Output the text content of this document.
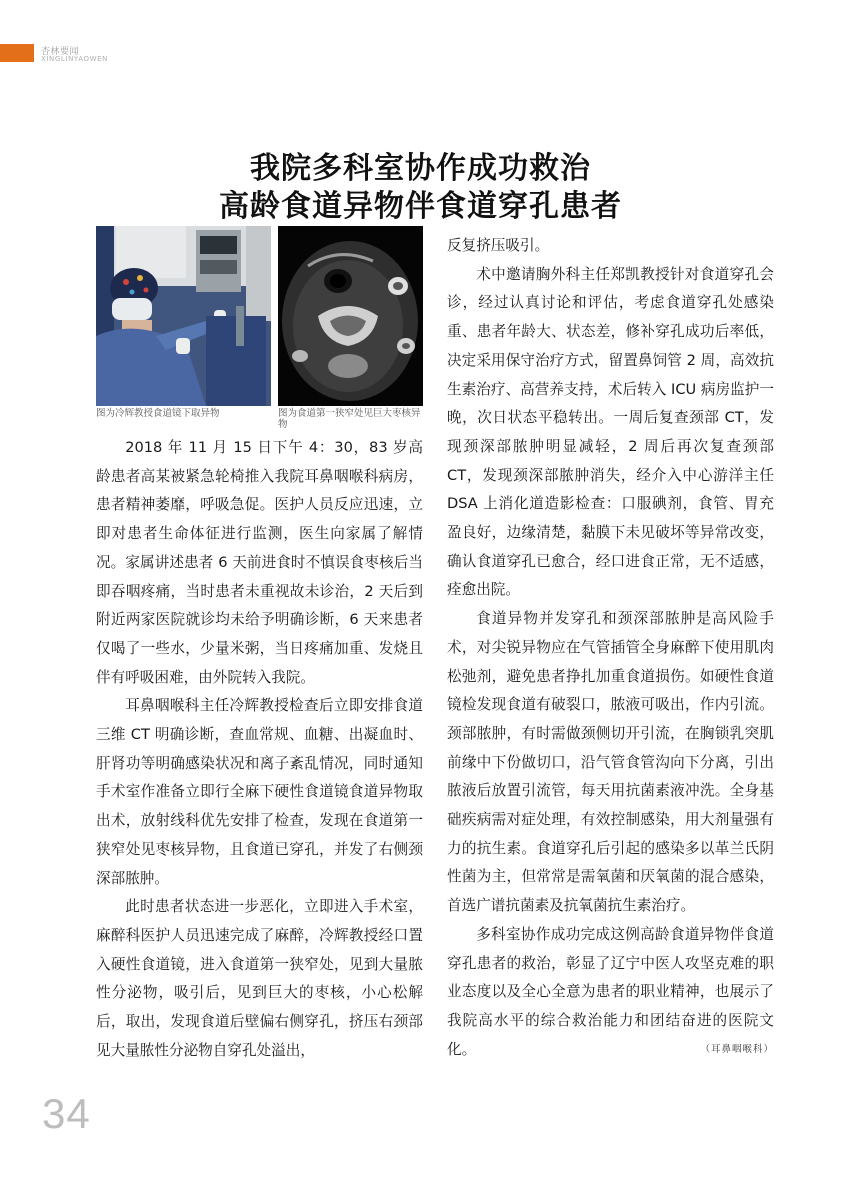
杏林要闻
XINGLINYAOWEN
我院多科室协作成功救治
高龄食道异物伴食道穿孔患者
图为冷辉教授食道镜下取异物	图为食道第一狭窄处见巨大枣核异物

2018 年 11 月 15 日下午 4：30，83 岁高龄患者高某被紧急轮椅推入我院耳鼻咽喉科病房，患者精神萎靡，呼吸急促。医护人员反应迅速，立即对患者生命体征进行监测，医生向家属了解情况。家属讲述患者 6 天前进食时不慎误食枣核后当即吞咽疼痛，当时患者未重视故未诊治，2 天后到附近两家医院就诊均未给予明确诊断，6 天来患者仅喝了一些水，少量米粥，当日疼痛加重、发烧且伴有呼吸困难，由外院转入我院。

耳鼻咽喉科主任冷辉教授检查后立即安排食道三维 CT 明确诊断，查血常规、血糖、出凝血时、肝肾功等明确感染状况和离子紊乱情况，同时通知手术室作准备立即行全麻下硬性食道镜食道异物取出术，放射线科优先安排了检查，发现在食道第一狭窄处见枣核异物，且食道已穿孔，并发了右侧颈深部脓肿。

此时患者状态进一步恶化，立即进入手术室，麻醉科医护人员迅速完成了麻醉，冷辉教授经口置入硬性食道镜，进入食道第一狭窄处，见到大量脓性分泌物，吸引后，见到巨大的枣核，小心松解后，取出，发现食道后壁偏右侧穿孔，挤压右颈部见大量脓性分泌物自穿孔处溢出，

反复挤压吸引。

术中邀请胸外科主任郑凯教授针对食道穿孔会诊，经过认真讨论和评估，考虑食道穿孔处感染重、患者年龄大、状态差，修补穿孔成功后率低，决定采用保守治疗方式，留置鼻饲管 2 周，高效抗生素治疗、高营养支持，术后转入 ICU 病房监护一晚，次日状态平稳转出。一周后复查颈部 CT，发现颈深部脓肿明显减轻，2 周后再次复查颈部 CT，发现颈深部脓肿消失，经介入中心游洋主任 DSA 上消化道造影检查：口服碘剂，食管、胃充盈良好，边缘清楚，黏膜下未见破坏等异常改变，确认食道穿孔已愈合，经口进食正常，无不适感，痊愈出院。

食道异物并发穿孔和颈深部脓肿是高风险手术，对尖锐异物应在气管插管全身麻醉下使用肌肉松弛剂，避免患者挣扎加重食道损伤。如硬性食道镜检发现食道有破裂口，脓液可吸出，作内引流。颈部脓肿，有时需做颈侧切开引流，在胸锁乳突肌前缘中下份做切口，沿气管食管沟向下分离，引出脓液后放置引流管，每天用抗菌素液冲洗。全身基础疾病需对症处理，有效控制感染，用大剂量强有力的抗生素。食道穿孔后引起的感染多以革兰氏阴性菌为主，但常常是需氧菌和厌氧菌的混合感染，首选广谱抗菌素及抗氧菌抗生素治疗。

多科室协作成功完成这例高龄食道异物伴食道穿孔患者的救治，彰显了辽宁中医人攻坚克难的职业态度以及全心全意为患者的职业精神，也展示了我院高水平的综合救治能力和团结奋进的医院文化。	（耳鼻咽喉科）

34
